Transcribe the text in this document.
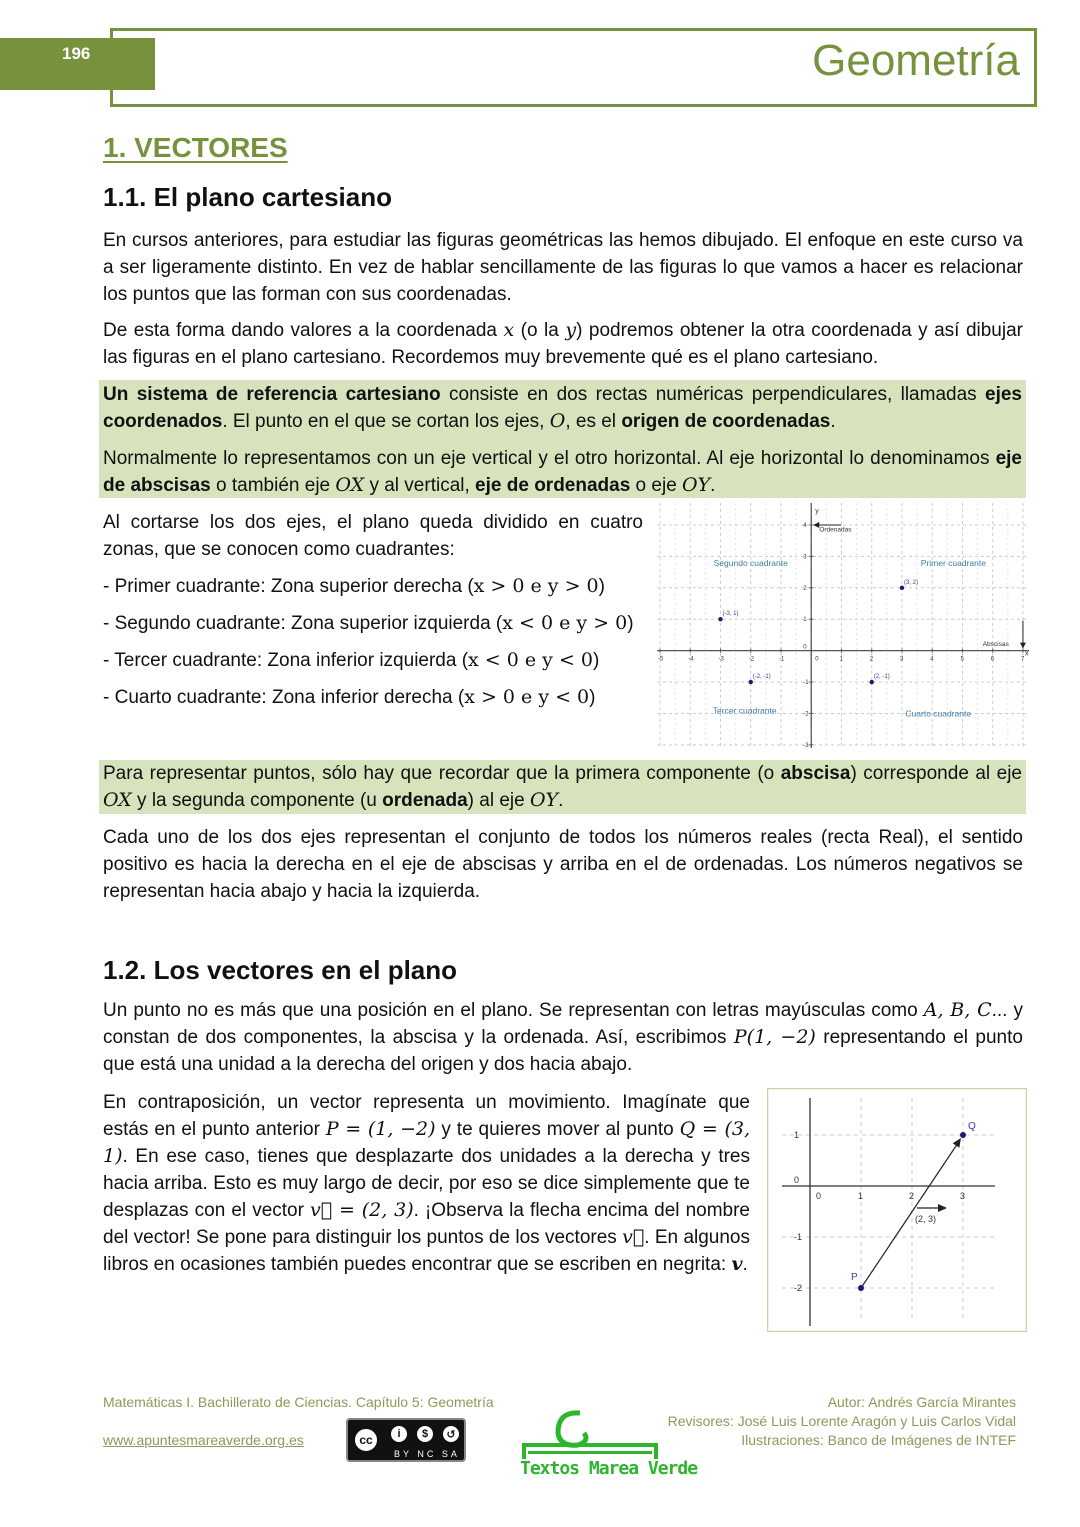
196	Geometría
1. VECTORES
1.1. El plano cartesiano

En cursos anteriores, para estudiar las figuras geométricas las hemos dibujado. El enfoque en este curso va a ser ligeramente distinto. En vez de hablar sencillamente de las figuras lo que vamos a hacer es relacionar los puntos que las forman con sus coordenadas.

De esta forma dando valores a la coordenada x (o la y) podremos obtener la otra coordenada y así dibujar las figuras en el plano cartesiano. Recordemos muy brevemente qué es el plano cartesiano.

Un sistema de referencia cartesiano consiste en dos rectas numéricas perpendiculares, llamadas ejes coordenados. El punto en el que se cortan los ejes, O, es el origen de coordenadas.

Normalmente lo representamos con un eje vertical y el otro horizontal. Al eje horizontal lo denominamos eje de abscisas o también eje OX y al vertical, eje de ordenadas o eje OY.

Al cortarse los dos ejes, el plano queda dividido en cuatro zonas, que se conocen como cuadrantes:

- Primer cuadrante: Zona superior derecha (x > 0 e y > 0)

- Segundo cuadrante: Zona superior izquierda (x < 0 e y > 0)

- Tercer cuadrante: Zona inferior izquierda (x < 0 e y < 0)

- Cuarto cuadrante: Zona inferior derecha (x > 0 e y < 0)

y
x
-5	-4	-3	-2	-1	0	1	2	3	4	5	6	7
-3
-2
-1
0
1
2
3
4
Segundo cuadrante	Primer cuadrante
Tercer cuadrante	Cuarto cuadrante
Ordenadas
Abscisas
(3, 2)
(-3, 1)
(-2, -1)	(2, -1)

Para representar puntos, sólo hay que recordar que la primera componente (o abscisa) corresponde al eje OX y la segunda componente (u ordenada) al eje OY.

Cada uno de los dos ejes representan el conjunto de todos los números reales (recta Real), el sentido positivo es hacia la derecha en el eje de abscisas y arriba en el de ordenadas. Los números negativos se representan hacia abajo y hacia la izquierda.

1.2. Los vectores en el plano

Un punto no es más que una posición en el plano. Se representan con letras mayúsculas como A, B, C... y constan de dos componentes, la abscisa y la ordenada. Así, escribimos P(1, −2) representando el punto que está una unidad a la derecha del origen y dos hacia abajo.

En contraposición, un vector representa un movimiento. Imagínate que estás en el punto anterior P = (1, −2) y te quieres mover al punto Q = (3, 1). En ese caso, tienes que desplazarte dos unidades a la derecha y tres hacia arriba. Esto es muy largo de decir, por eso se dice simplemente que te desplazas con el vector v⃗ = (2, 3). ¡Observa la flecha encima del nombre del vector! Se pone para distinguir los puntos de los vectores v⃗. En algunos libros en ocasiones también puedes encontrar que se escriben en negrita: v.

0	1	2	3
-2
-1
0
1
P
Q
(2, 3)
Matemáticas I. Bachillerato de Ciencias. Capítulo 5: Geometría
www.apuntesmareaverde.org.es	cc	i	$	↺
BY NC SA
Textos Marea Verde
Autor: Andrés García Mirantes
Revisores: José Luis Lorente Aragón y Luis Carlos Vidal
Ilustraciones: Banco de Imágenes de INTEF
